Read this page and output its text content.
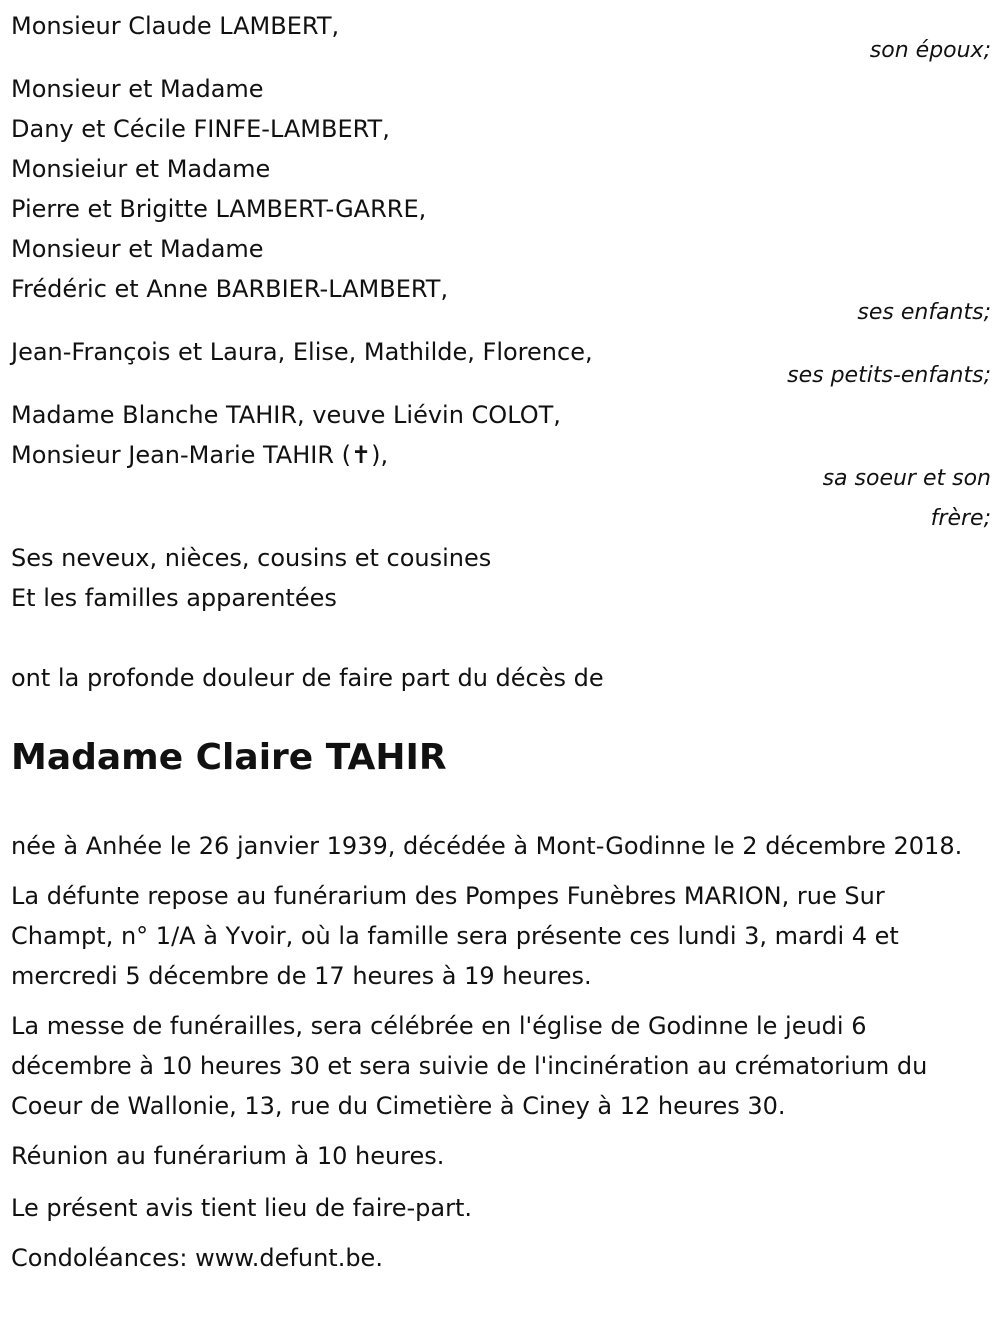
Monsieur Claude LAMBERT,
son époux;
Monsieur et Madame
Dany et Cécile FINFE-LAMBERT,
Monsieiur et Madame
Pierre et Brigitte LAMBERT-GARRE,
Monsieur et Madame
Frédéric et Anne BARBIER-LAMBERT,
ses enfants;
Jean-François et Laura, Elise, Mathilde, Florence,
ses petits-enfants;
Madame Blanche TAHIR, veuve Liévin COLOT,
Monsieur Jean-Marie TAHIR (✝),
sa soeur et son
frère;
Ses neveux, nièces, cousins et cousines
Et les familles apparentées
ont la profonde douleur de faire part du décès de

Madame Claire TAHIR

née à Anhée le 26 janvier 1939, décédée à Mont-Godinne le 2 décembre 2018.

La défunte repose au funérarium des Pompes Funèbres MARION, rue Sur Champt, n° 1/A à Yvoir, où la famille sera présente ces lundi 3, mardi 4 et mercredi 5 décembre de 17 heures à 19 heures.

La messe de funérailles, sera célébrée en l'église de Godinne le jeudi 6 décembre à 10 heures 30 et sera suivie de l'incinération au crématorium du Coeur de Wallonie, 13, rue du Cimetière à Ciney à 12 heures 30.

Réunion au funérarium à 10 heures.

Le présent avis tient lieu de faire-part.

Condoléances: www.defunt.be.
